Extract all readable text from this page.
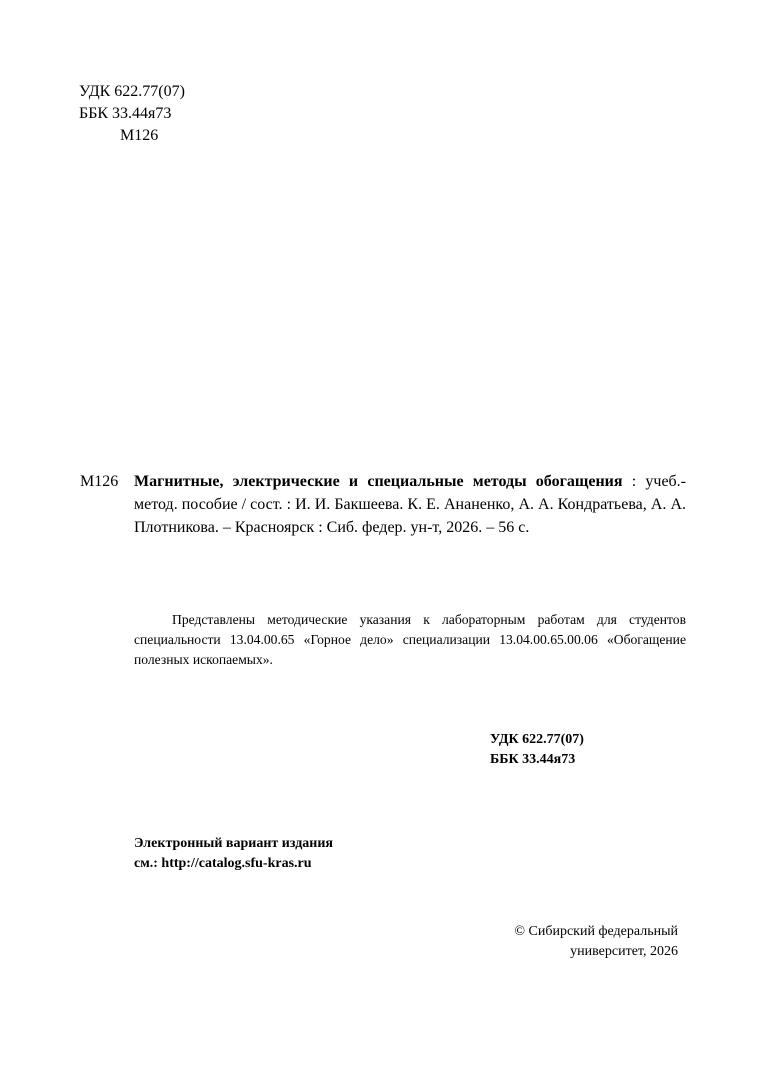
УДК 622.77(07)
ББК 33.44я73
М126
М126 Магнитные, электрические и специальные методы обогащения : учеб.-метод. пособие / сост. : И. И. Бакшеева. К. Е. Ананенко, А. А. Кондратьева, А. А. Плотникова. – Красноярск : Сиб. федер. ун-т, 2026. – 56 с.
Представлены методические указания к лабораторным работам для студентов специальности 13.04.00.65 «Горное дело» специализации 13.04.00.65.00.06 «Обогащение полезных ископаемых».
УДК 622.77(07)
ББК 33.44я73
Электронный вариант издания
см.: http://catalog.sfu-kras.ru
© Сибирский федеральный
университет, 2026
